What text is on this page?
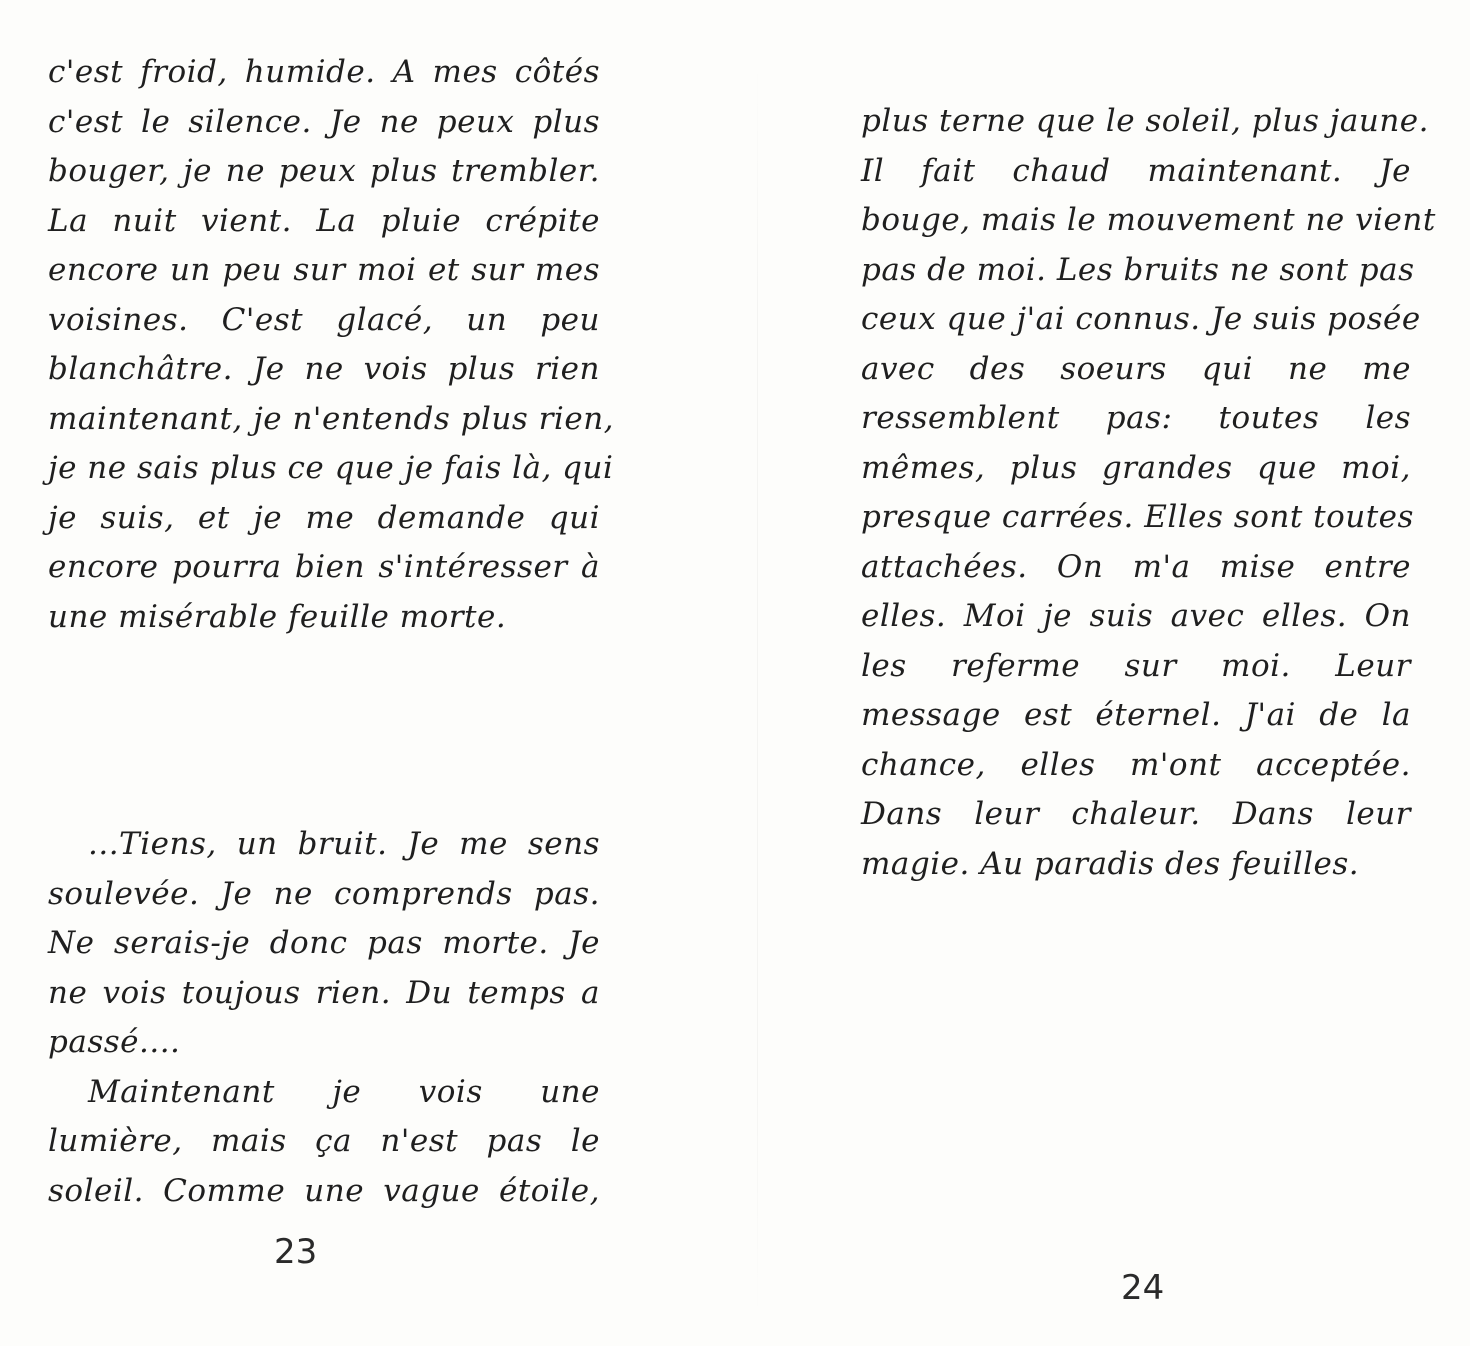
c'est froid, humide. A mes côtés
c'est le silence. Je ne peux plus
bouger, je ne peux plus trembler.
La nuit vient. La pluie crépite
encore un peu sur moi et sur mes
voisines. C'est glacé, un peu
blanchâtre. Je ne vois plus rien
maintenant, je n'entends plus rien,
je ne sais plus ce que je fais là, qui
je suis, et je me demande qui
encore pourra bien s'intéresser à
une misérable feuille morte.
...Tiens, un bruit. Je me sens
soulevée. Je ne comprends pas.
Ne serais-je donc pas morte. Je
ne vois toujous rien. Du temps a
passé....
Maintenant je vois une
lumière, mais ça n'est pas le
soleil. Comme une vague étoile,
23
plus terne que le soleil, plus jaune.
Il fait chaud maintenant. Je
bouge, mais le mouvement ne vient
pas de moi. Les bruits ne sont pas
ceux que j'ai connus. Je suis posée
avec des soeurs qui ne me
ressemblent pas: toutes les
mêmes, plus grandes que moi,
presque carrées. Elles sont toutes
attachées. On m'a mise entre
elles. Moi je suis avec elles. On
les referme sur moi. Leur
message est éternel. J'ai de la
chance, elles m'ont acceptée.
Dans leur chaleur. Dans leur
magie. Au paradis des feuilles.
24
